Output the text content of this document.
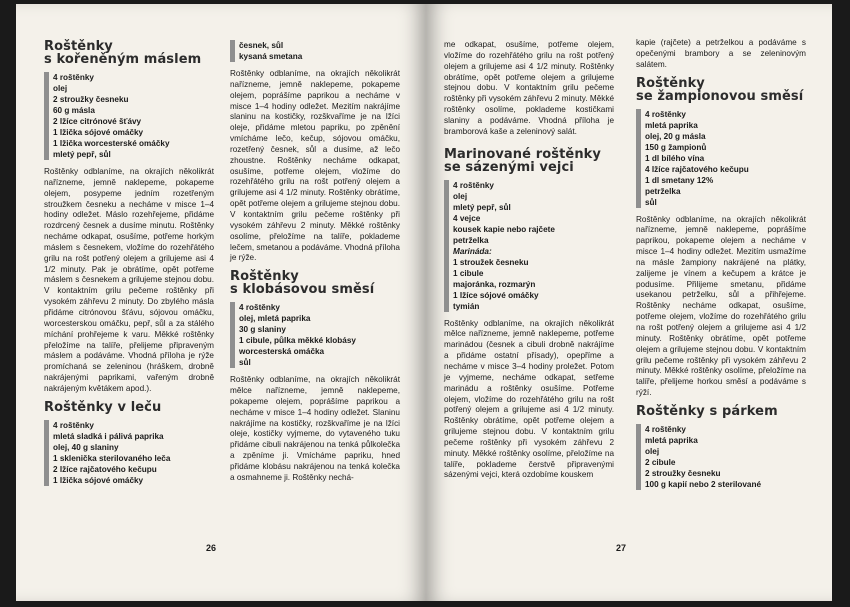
Roštěnky
s kořeněným máslem
4 roštěnky
olej
2 stroužky česneku
60 g másla
2 lžíce citrónové šťávy
1 lžička sójové omáčky
1 lžička worcesterské omáčky
mletý pepř, sůl

Roštěnky odblaníme, na okrajích několikrát nařízneme, jemně naklepeme, pokapeme olejem, posypeme jedním rozetřeným stroužkem česneku a necháme v misce 1–4 hodiny odležet. Máslo rozehřejeme, přidáme rozdrcený česnek a dusíme minutu. Roštěnky necháme odkapat, osušíme, potřeme horkým máslem s česnekem, vložíme do rozehřátého grilu na rošt potřený olejem a grilujeme asi 4 1/2 minuty. Pak je obrátíme, opět potřeme máslem s česnekem a grilujeme stejnou dobu. V kontaktním grilu pečeme roštěnky při vysokém záhřevu 2 minuty. Do zbylého másla přidáme citrónovou šťávu, sójovou omáčku, worcesterskou omáčku, pepř, sůl a za stálého míchání prohřejeme k varu. Měkké roštěnky přeložíme na talíře, přelijeme připraveným máslem a podáváme. Vhodná příloha je rýže promíchaná se zeleninou (hráškem, drobně nakrájenými paprikami, vařeným drobně nakrájeným květákem apod.).

Roštěnky v leču
4 roštěnky
mletá sladká i pálivá paprika
olej, 40 g slaniny
1 sklenička sterilovaného leča
2 lžíce rajčatového kečupu
1 lžička sójové omáčky
česnek, sůl
kysaná smetana

Roštěnky odblaníme, na okrajích několikrát nařízneme, jemně naklepeme, pokapeme olejem, poprášíme paprikou a necháme v misce 1–4 hodiny odležet. Mezitím nakrájíme slaninu na kostičky, rozškvaříme je na lžíci oleje, přidáme mletou papriku, po zpěnění vmícháme lečo, kečup, sójovou omáčku, rozetřený česnek, sůl a dusíme, až lečo zhoustne. Roštěnky necháme odkapat, osušíme, potřeme olejem, vložíme do rozehřátého grilu na rošt potřený olejem a grilujeme asi 4 1/2 minuty. Roštěnky obrátíme, opět potřeme olejem a grilujeme stejnou dobu. V kontaktním grilu pečeme roštěnky při vysokém záhřevu 2 minuty. Měkké roštěnky osolíme, přeložíme na talíře, poklademe lečem, smetanou a podáváme. Vhodná příloha je rýže.

Roštěnky
s klobásovou směsí
4 roštěnky
olej, mletá paprika
30 g slaniny
1 cibule, půlka měkké klobásy
worcesterská omáčka
sůl

Roštěnky odblaníme, na okrajích několikrát mělce nařízneme, jemně naklepeme, pokapeme olejem, poprášíme paprikou a necháme v misce 1–4 hodiny odležet. Slaninu nakrájíme na kostičky, rozškvaříme je na lžíci oleje, kostičky vyjmeme, do vytaveného tuku přidáme cibuli nakrájenou na tenká půlkolečka a zpěníme ji. Vmícháme papriku, hned přidáme klobásu nakrájenou na tenká kolečka a osmahneme ji. Roštěnky nechá-

26

me odkapat, osušíme, potřeme olejem, vložíme do rozehřátého grilu na rošt potřený olejem a grilujeme asi 4 1/2 minuty. Roštěnky obrátíme, opět potřeme olejem a grilujeme stejnou dobu. V kontaktním grilu pečeme roštěnky při vysokém záhřevu 2 minuty. Měkké roštěnky osolíme, poklademe kostičkami slaniny a podáváme. Vhodná příloha je bramborová kaše a zeleninový salát.

Marinované roštěnky
se sázenými vejci
4 roštěnky
olej
mletý pepř, sůl
4 vejce
kousek kapie nebo rajčete
petrželka
Marináda:
1 stroužek česneku
1 cibule
majoránka, rozmarýn
1 lžíce sójové omáčky
tymián

Roštěnky odblaníme, na okrajích několikrát mělce nařízneme, jemně naklepeme, potřeme marinádou (česnek a cibuli drobně nakrájíme a přidáme ostatní přísady), opepříme a necháme v misce 3–4 hodiny proležet. Potom je vyjmeme, necháme odkapat, setřeme marinádu a roštěnky osušíme. Potřeme olejem, vložíme do rozehřátého grilu na rošt potřený olejem a grilujeme asi 4 1/2 minuty. Roštěnky obrátíme, opět potřeme olejem a grilujeme stejnou dobu. V kontaktním grilu pečeme roštěnky při vysokém záhřevu 2 minuty. Měkké roštěnky osolíme, přeložíme na talíře, poklademe čerstvě připravenými sázenými vejci, která ozdobíme kouskem

kapie (rajčete) a petrželkou a podáváme s opečenými brambory a se zeleninovým salátem.

Roštěnky
se žampionovou směsí
4 roštěnky
mletá paprika
olej, 20 g másla
150 g žampionů
1 dl bílého vína
4 lžíce rajčatového kečupu
1 dl smetany 12%
petrželka
sůl

Roštěnky odblaníme, na okrajích několikrát nařízneme, jemně naklepeme, poprášíme paprikou, pokapeme olejem a necháme v misce 1–4 hodiny odležet. Mezitím usmažíme na másle žampiony nakrájené na plátky, zalijeme je vínem a kečupem a krátce je podusíme. Přilijeme smetanu, přidáme usekanou petrželku, sůl a přihřejeme. Roštěnky necháme odkapat, osušíme, potřeme olejem, vložíme do rozehřátého grilu na rošt potřený olejem a grilujeme asi 4 1/2 minuty. Roštěnky obrátíme, opět potřeme olejem a grilujeme stejnou dobu. V kontaktním grilu pečeme roštěnky při vysokém záhřevu 2 minuty. Měkké roštěnky osolíme, přeložíme na talíře, přelijeme horkou směsí a podáváme s rýží.

Roštěnky s párkem
4 roštěnky
mletá paprika
olej
2 cibule
2 stroužky česneku
100 g kapií nebo 2 sterilované
27
